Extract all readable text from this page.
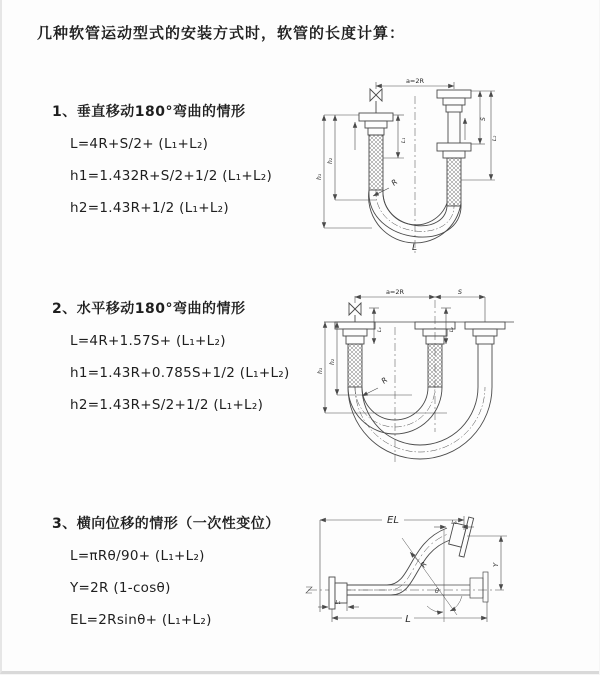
几种软管运动型式的安装方式时，软管的长度计算：
1、垂直移动180°弯曲的情形
L=4R+S/2+ (L₁+L₂)
h1=1.432R+S/2+1/2 (L₁+L₂)
h2=1.43R+1/2 (L₁+L₂)
2、水平移动180°弯曲的情形
L=4R+1.57S+ (L₁+L₂)
h1=1.43R+0.785S+1/2 (L₁+L₂)
h2=1.43R+S/2+1/2 (L₁+L₂)
3、横向位移的情形（一次性变位）
L=πRθ/90+ (L₁+L₂)
Y=2R (1-cosθ)
EL=2Rsinθ+ (L₁+L₂)
a=2R
h₁
h₂
L₁
S
L₂
R
L
a=2R	S
h₁
h₂
L₁	L₂
R
EL	L₂
Y
R
θ
L
L₁
